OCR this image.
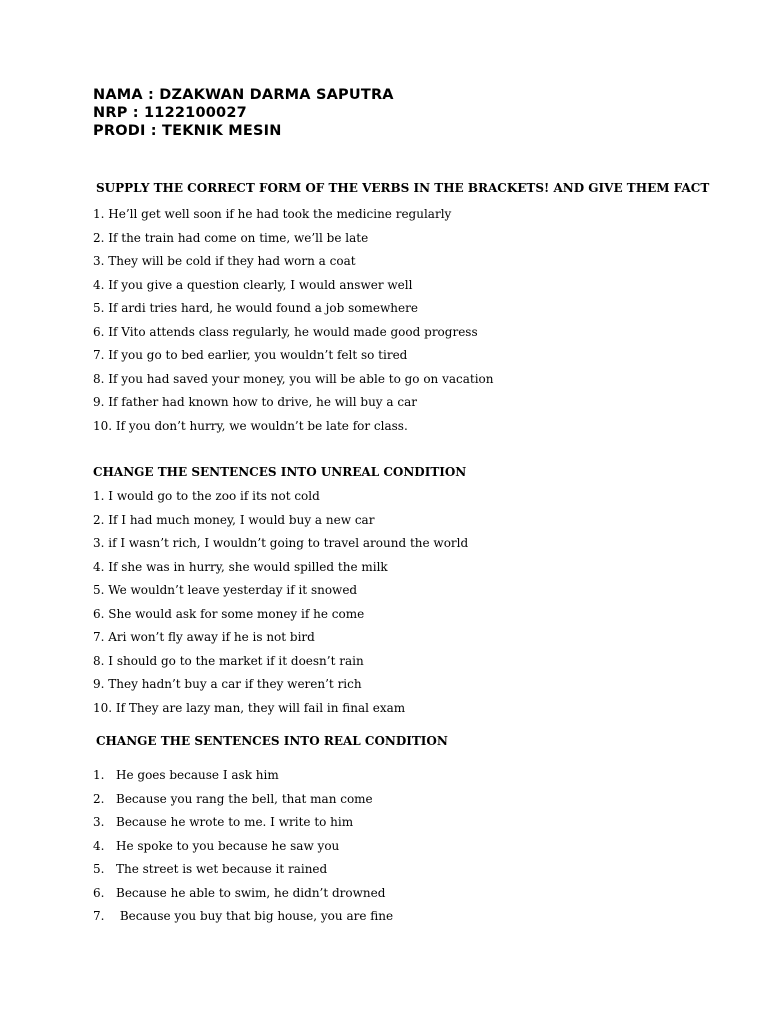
NAMA : DZAKWAN DARMA SAPUTRA
NRP : 1122100027
PRODI : TEKNIK MESIN
SUPPLY THE CORRECT FORM OF THE VERBS IN THE BRACKETS! AND GIVE THEM FACT
1. He’ll get well soon if he had took the medicine regularly
2. If the train had come on time, we’ll be late
3. They will be cold if they had worn a coat
4. If you give a question clearly, I would answer well
5. If ardi tries hard, he would found a job somewhere
6. If Vito attends class regularly, he would made good progress
7. If you go to bed earlier, you wouldn’t felt so tired
8. If you had saved your money, you will be able to go on vacation
9. If father had known how to drive, he will buy a car
10. If you don’t hurry, we wouldn’t be late for class.
CHANGE THE SENTENCES INTO UNREAL CONDITION
1. I would go to the zoo if its not cold
2. If I had much money, I would buy a new car
3. if I wasn’t rich, I wouldn’t going to travel around the world
4. If she was in hurry, she would spilled the milk
5. We wouldn’t leave yesterday if it snowed
6. She would ask for some money if he come
7. Ari won’t fly away if he is not bird
8. I should go to the market if it doesn’t rain
9. They hadn’t buy a car if they weren’t rich
10. If They are lazy man, they will fail in final exam
CHANGE THE SENTENCES INTO REAL CONDITION
1. He goes because I ask him
2. Because you rang the bell, that man come
3. Because he wrote to me. I write to him
4. He spoke to you because he saw you
5. The street is wet because it rained
6. Because he able to swim, he didn’t drowned
7. Because you buy that big house, you are fine
